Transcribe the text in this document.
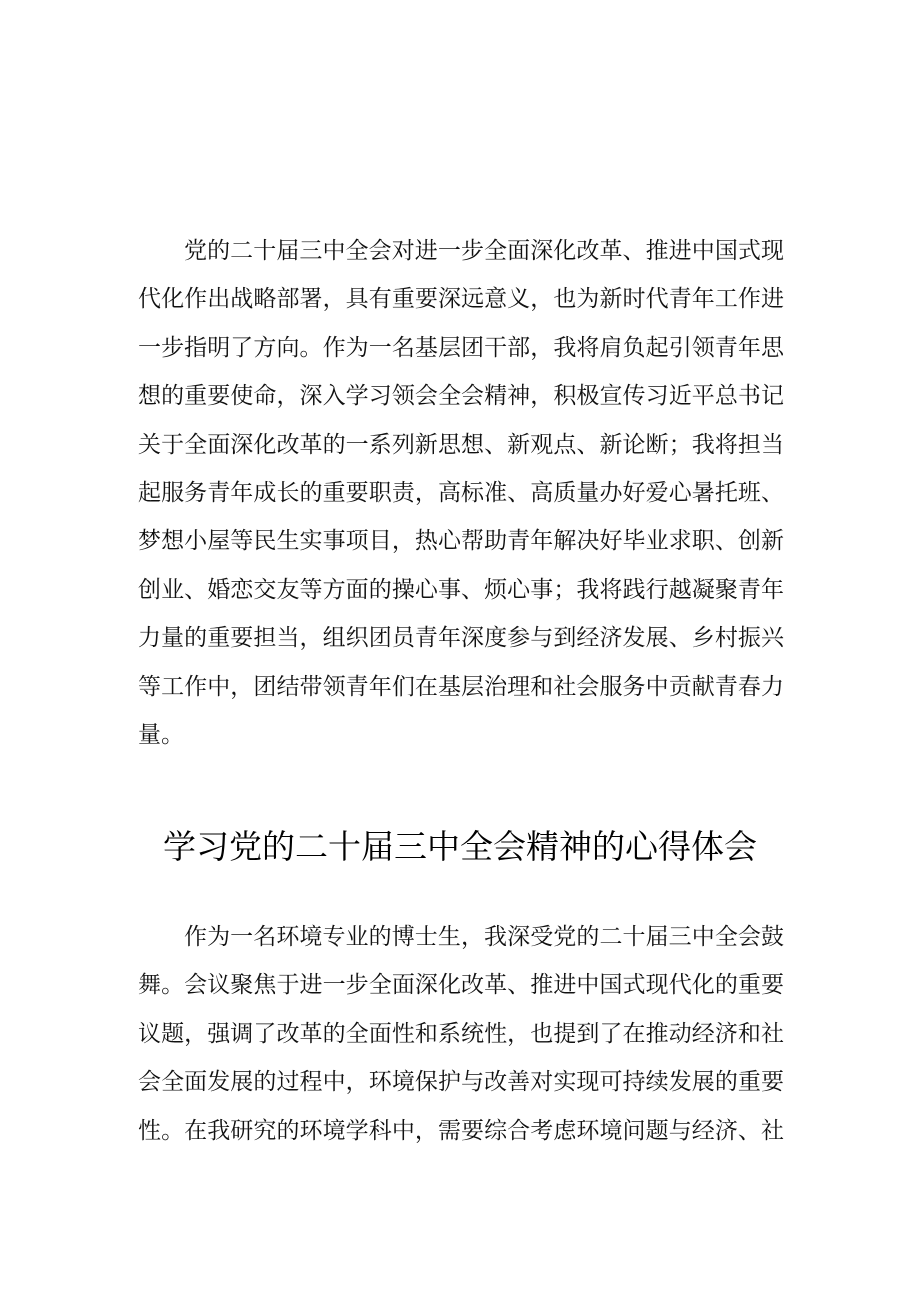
党的二十届三中全会对进一步全面深化改革、推进中国式现
代化作出战略部署，具有重要深远意义，也为新时代青年工作进
一步指明了方向。作为一名基层团干部，我将肩负起引领青年思
想的重要使命，深入学习领会全会精神，积极宣传习近平总书记
关于全面深化改革的一系列新思想、新观点、新论断；我将担当
起服务青年成长的重要职责，高标准、高质量办好爱心暑托班、
梦想小屋等民生实事项目，热心帮助青年解决好毕业求职、创新
创业、婚恋交友等方面的操心事、烦心事；我将践行越凝聚青年
力量的重要担当，组织团员青年深度参与到经济发展、乡村振兴
等工作中，团结带领青年们在基层治理和社会服务中贡献青春力
量。
学习党的二十届三中全会精神的心得体会
作为一名环境专业的博士生，我深受党的二十届三中全会鼓
舞。会议聚焦于进一步全面深化改革、推进中国式现代化的重要
议题，强调了改革的全面性和系统性，也提到了在推动经济和社
会全面发展的过程中，环境保护与改善对实现可持续发展的重要
性。在我研究的环境学科中，需要综合考虑环境问题与经济、社
